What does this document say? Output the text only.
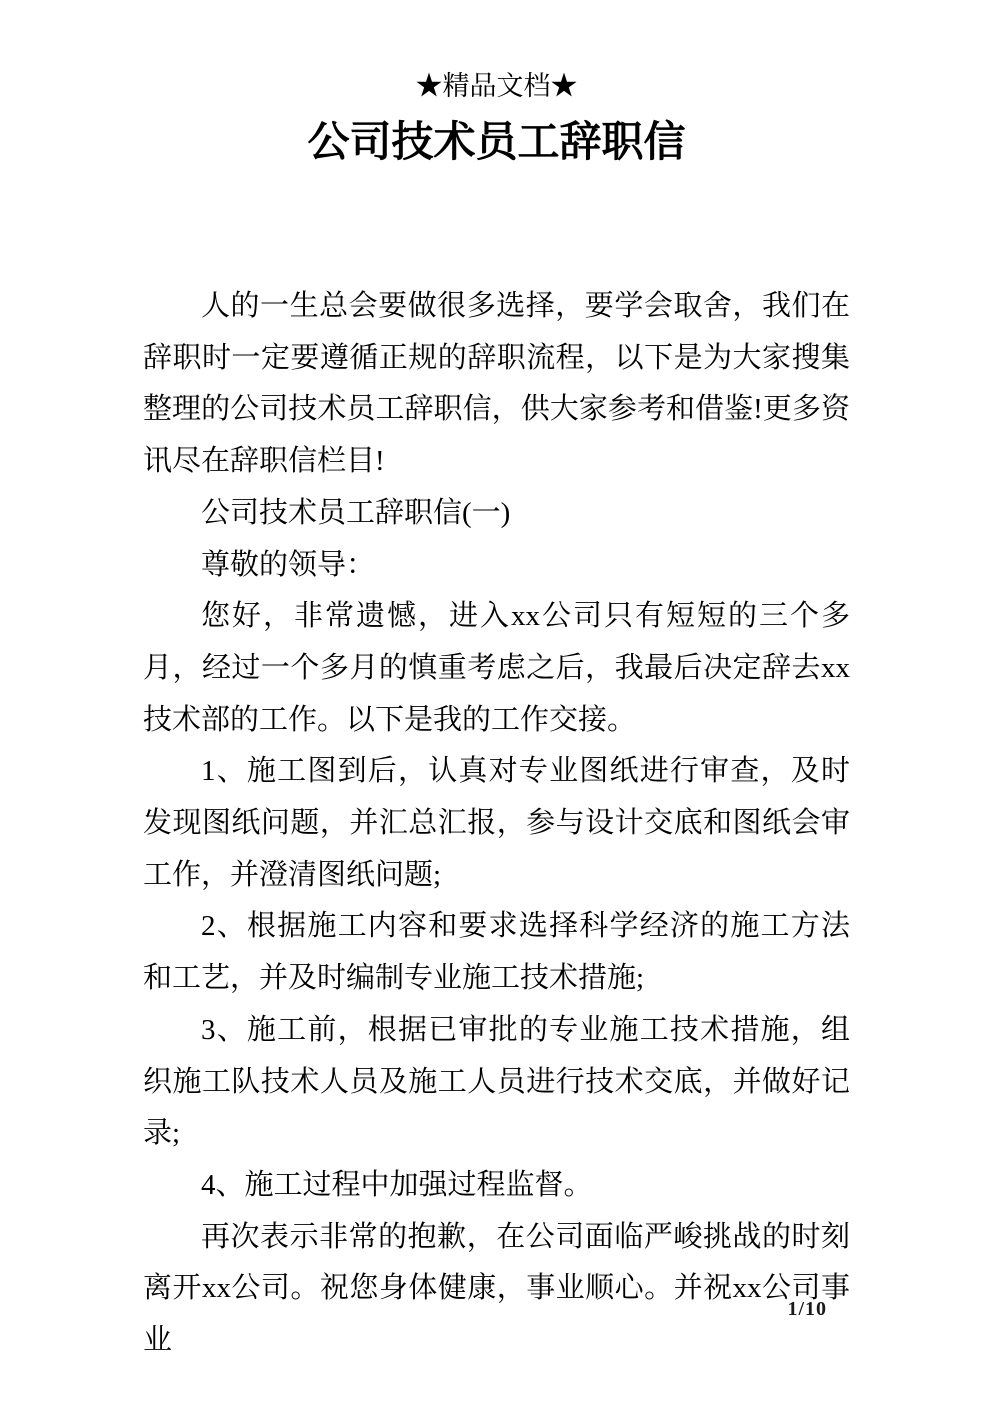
★精品文档★
公司技术员工辞职信

人的一生总会要做很多选择，要学会取舍，我们在辞职时一定要遵循正规的辞职流程，以下是为大家搜集整理的公司技术员工辞职信，供大家参考和借鉴!更多资讯尽在辞职信栏目!

公司技术员工辞职信(一)

尊敬的领导：

您好，非常遗憾，进入xx公司只有短短的三个多月，经过一个多月的慎重考虑之后，我最后决定辞去xx技术部的工作。以下是我的工作交接。

1、施工图到后，认真对专业图纸进行审查，及时发现图纸问题，并汇总汇报，参与设计交底和图纸会审工作，并澄清图纸问题;

2、根据施工内容和要求选择科学经济的施工方法和工艺，并及时编制专业施工技术措施;

3、施工前，根据已审批的专业施工技术措施，组织施工队技术人员及施工人员进行技术交底，并做好记录;

4、施工过程中加强过程监督。

再次表示非常的抱歉，在公司面临严峻挑战的时刻离开xx公司。祝您身体健康，事业顺心。并祝xx公司事业

1/10
